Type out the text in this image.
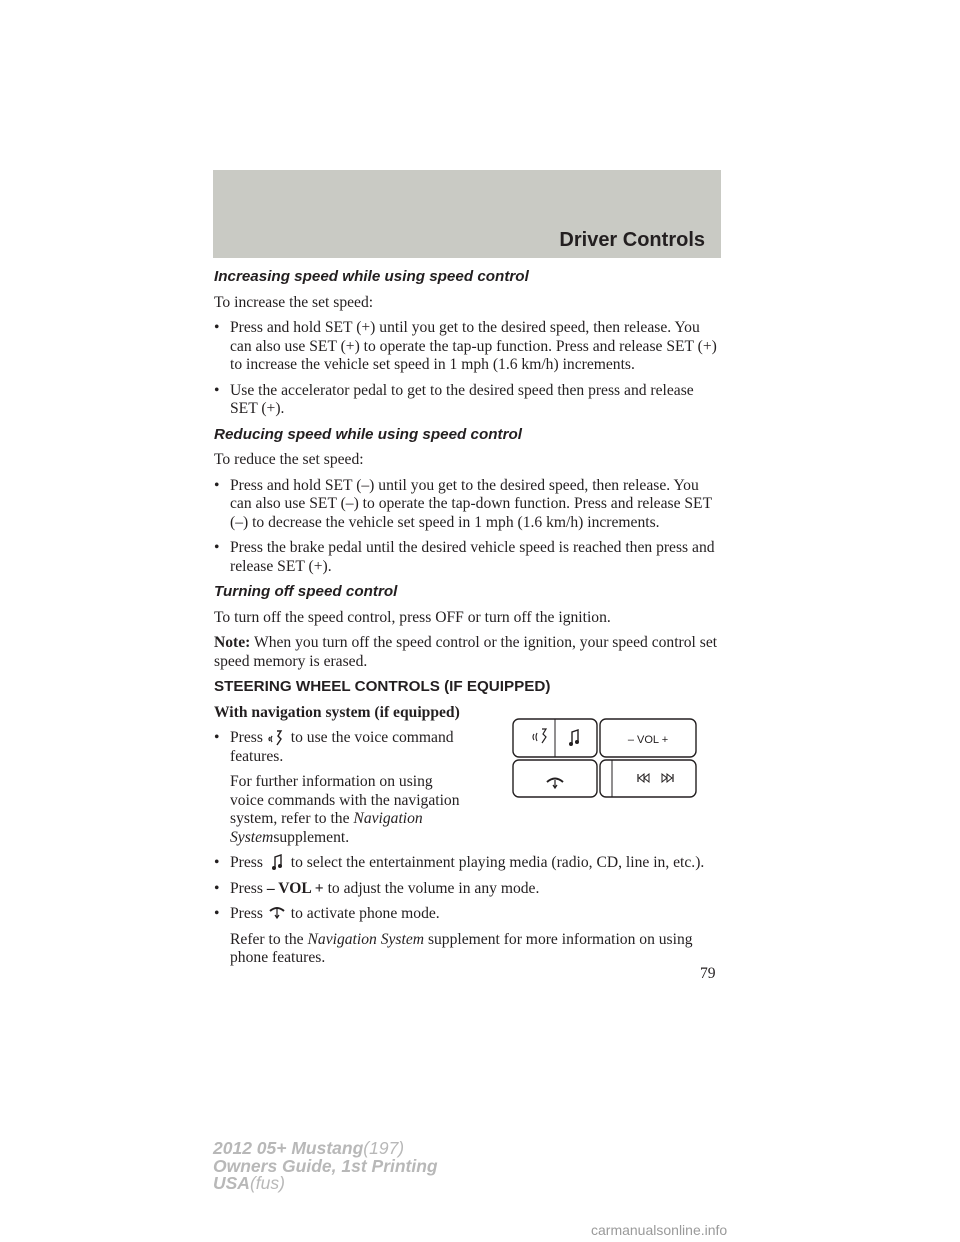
Driver Controls
Increasing speed while using speed control
To increase the set speed:
• Press and hold SET (+) until you get to the desired speed, then release. You can also use SET (+) to operate the tap-up function. Press and release SET (+) to increase the vehicle set speed in 1 mph (1.6 km/h) increments.
• Use the accelerator pedal to get to the desired speed then press and release SET (+).
Reducing speed while using speed control
To reduce the set speed:
• Press and hold SET (–) until you get to the desired speed, then release. You can also use SET (–) to operate the tap-down function. Press and release SET (–) to decrease the vehicle set speed in 1 mph (1.6 km/h) increments.
• Press the brake pedal until the desired vehicle speed is reached then press and release SET (+).
Turning off speed control
To turn off the speed control, press OFF or turn off the ignition.
Note: When you turn off the speed control or the ignition, your speed control set speed memory is erased.
STEERING WHEEL CONTROLS (IF EQUIPPED)
With navigation system (if equipped)
• Press to use the voice command features.
For further information on using voice commands with the navigation system, refer to the Navigation Systemsupplement.
– VOL +
• Press to select the entertainment playing media (radio, CD, line in, etc.).
• Press – VOL + to adjust the volume in any mode.
• Press to activate phone mode.
Refer to the Navigation System supplement for more information on using phone features.
79
2012 05+ Mustang(197)
Owners Guide, 1st Printing
USA(fus)
carmanualsonline.info
